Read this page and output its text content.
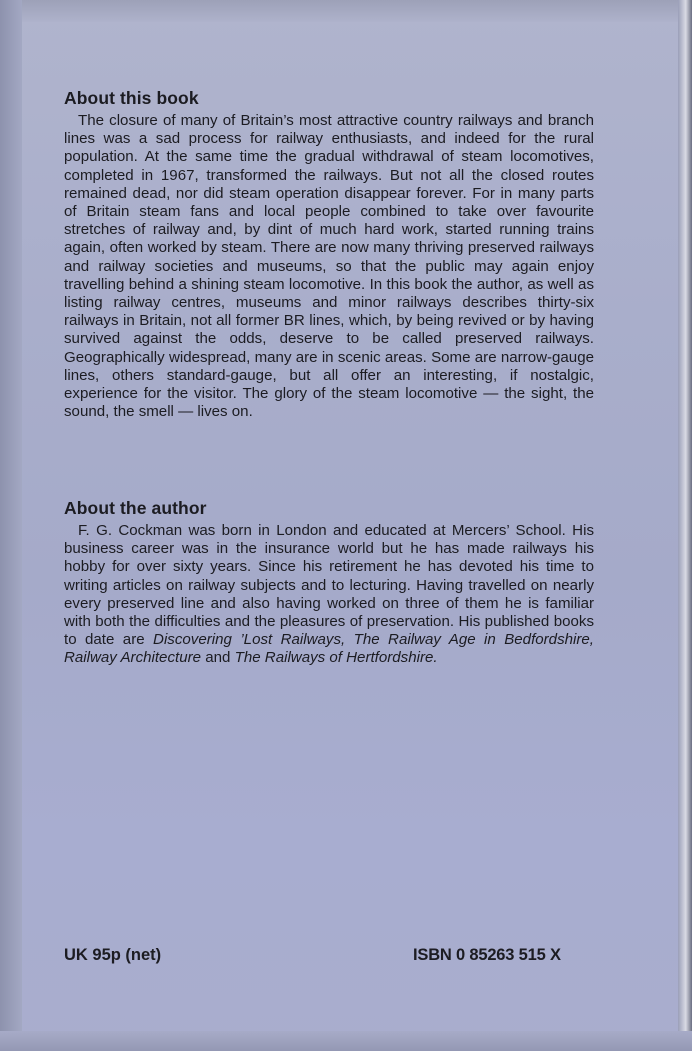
About this book

The closure of many of Britain’s most attractive country railways and branch lines was a sad process for railway enthusiasts, and indeed for the rural population. At the same time the gradual withdrawal of steam locomotives, completed in 1967, transformed the railways. But not all the closed routes remained dead, nor did steam operation disappear forever. For in many parts of Britain steam fans and local people combined to take over favourite stretches of railway and, by dint of much hard work, started running trains again, often worked by steam. There are now many thriving preserved railways and railway societies and museums, so that the public may again enjoy travelling behind a shining steam locomotive. In this book the author, as well as listing railway centres, museums and minor railways describes thirty-six railways in Britain, not all former BR lines, which, by being revived or by having survived against the odds, deserve to be called preserved railways. Geographically widespread, many are in scenic areas. Some are narrow-gauge lines, others standard-gauge, but all offer an interesting, if nostalgic, experience for the visitor. The glory of the steam locomotive — the sight, the sound, the smell — lives on.

About the author

F. G. Cockman was born in London and educated at Mercers’ School. His business career was in the insurance world but he has made railways his hobby for over sixty years. Since his retirement he has devoted his time to writing articles on railway subjects and to lecturing. Having travelled on nearly every preserved line and also having worked on three of them he is familiar with both the difficulties and the pleasures of preservation. His published books to date are Discovering ’Lost Railways, The Railway Age in Bedfordshire, Railway Architecture and The Railways of Hertfordshire.

UK 95p (net)	ISBN 0 85263 515 X
